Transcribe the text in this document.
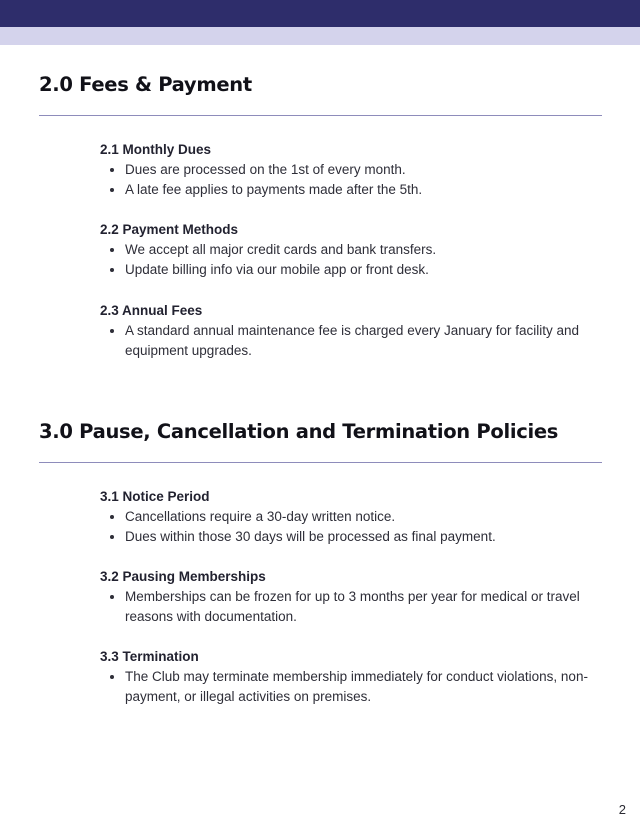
2.0 Fees & Payment
2.1 Monthly Dues
Dues are processed on the 1st of every month.
A late fee applies to payments made after the 5th.
2.2 Payment Methods
We accept all major credit cards and bank transfers.
Update billing info via our mobile app or front desk.
2.3 Annual Fees
A standard annual maintenance fee is charged every January for facility and equipment upgrades.
3.0 Pause, Cancellation and Termination Policies
3.1 Notice Period
Cancellations require a 30-day written notice.
Dues within those 30 days will be processed as final payment.
3.2 Pausing Memberships
Memberships can be frozen for up to 3 months per year for medical or travel reasons with documentation.
3.3 Termination
The Club may terminate membership immediately for conduct violations, non-payment, or illegal activities on premises.
2
